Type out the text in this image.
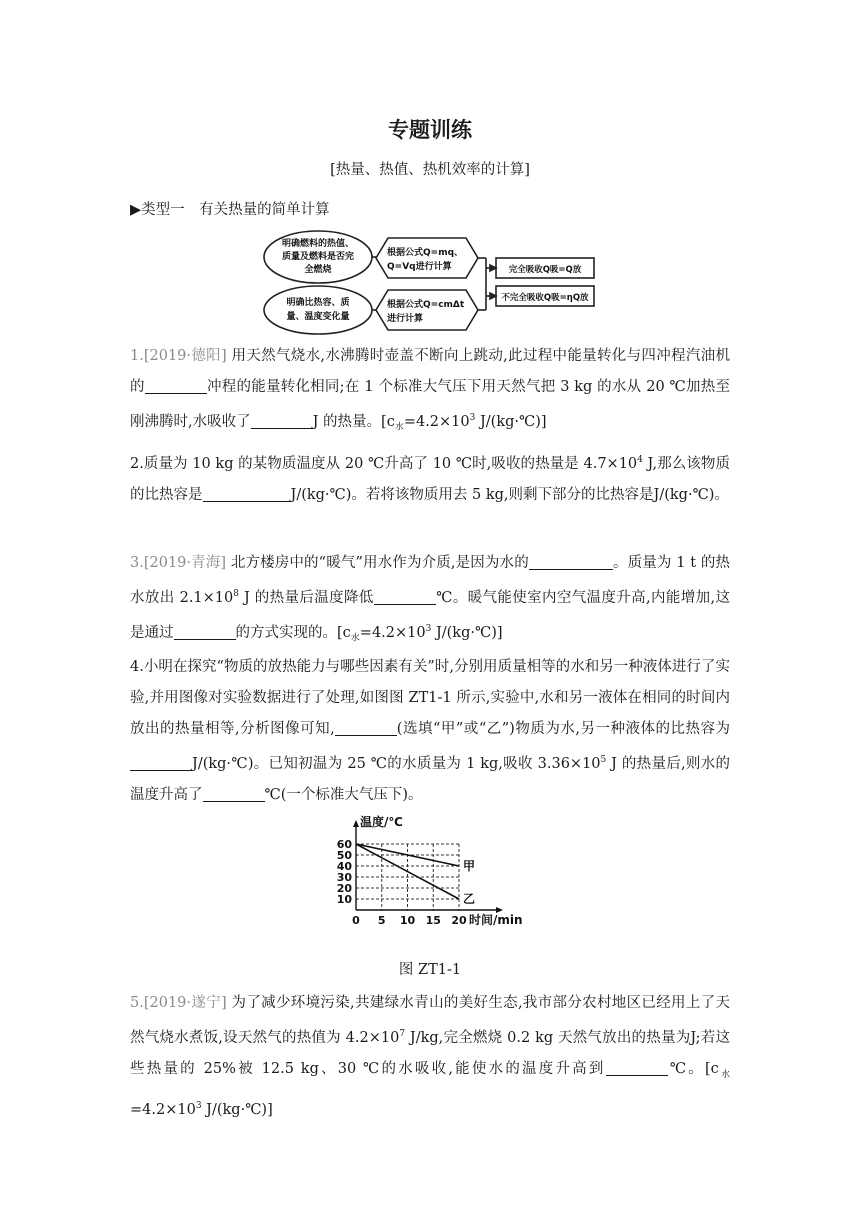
专题训练
[热量、热值、热机效率的计算]
▶类型一　有关热量的简单计算
明确燃料的热值、
质量及燃料是否完
全燃烧
明确比热容、质
量、温度变化量
根据公式Q=mq、
Q=Vq进行计算
根据公式Q=cmΔt
进行计算
完全吸收Q吸=Q放
不完全吸收Q吸=ηQ放

1.[2019·德阳] 用天然气烧水,水沸腾时壶盖不断向上跳动,此过程中能量转化与四冲程汽油机的	冲程的能量转化相同;在 1 个标准大气压下用天然气把 3 kg 的水从 20 ℃加热至刚沸腾时,水吸收了	J 的热量。[$c_水=4.2\times 10^3$ J/(kg·℃)]

2.质量为 10 kg 的某物质温度从 20 ℃升高了 10 ℃时,吸收的热量是 $4.7\times 10^4$ J,那么该物质的比热容是	J/(kg·℃)。若将该物质用去 5 kg,则剩下部分的比热容是J/(kg·℃)。

3.[2019·青海] 北方楼房中的“暖气”用水作为介质,是因为水的	。质量为 1 t 的热水放出 $2.1\times 10^8$ J 的热量后温度降低	℃。暖气能使室内空气温度升高,内能增加,这是通过	的方式实现的。[$c_水=4.2\times 10^3$ J/(kg·℃)]

4.小明在探究“物质的放热能力与哪些因素有关”时,分别用质量相等的水和另一种液体进行了实验,并用图像对实验数据进行了处理,如图图 ZT1-1 所示,实验中,水和另一液体在相同的时间内放出的热量相等,分析图像可知,	(选填“甲”或“乙”)物质为水,另一种液体的比热容为J/(kg·℃)。已知初温为 25 ℃的水质量为 1 kg,吸收 $3.36\times 10^5$ J 的热量后,则水的温度升高了	℃(一个标准大气压下)。

0 5 10 15 20
10
20
30
40
50
60
温度/℃
时间/min
甲
乙
图 ZT1-1

5.[2019·遂宁] 为了减少环境污染,共建绿水青山的美好生态,我市部分农村地区已经用上了天然气烧水煮饭,设天然气的热值为 $4.2\times 10^7$ J/kg,完全燃烧 0.2 kg 天然气放出的热量为J;若这些热量的 25%被 12.5 kg、30 ℃的水吸收,能使水的温度升高到	℃。[$c_水=4.2\times 10^3$ J/(kg·℃)]
